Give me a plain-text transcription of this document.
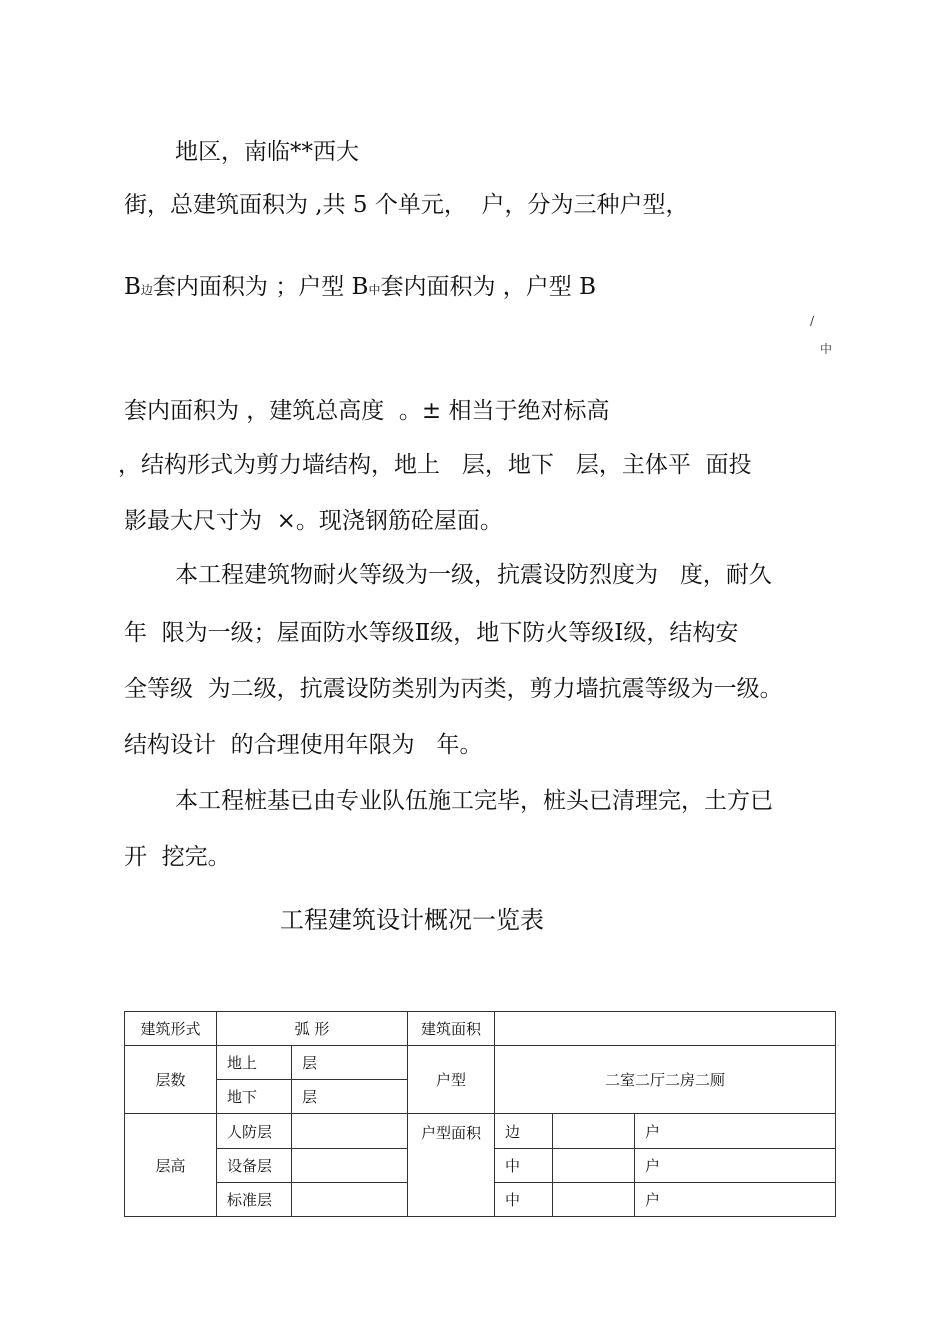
地区，南临**西大
街，总建筑面积为 ,共 5 个单元，  户，分为三种户型，
B边套内面积为 ；户型 B中套内面积为 ，户型 B
/
中
套内面积为 ，建筑总高度  。± 相当于绝对标高
，结构形式为剪力墙结构，地上   层，地下   层，主体平  面投
影最大尺寸为  ×。现浇钢筋砼屋面。
本工程建筑物耐火等级为一级，抗震设防烈度为   度，耐久
年  限为一级；屋面防水等级Ⅱ级，地下防火等级Ⅰ级，结构安
全等级  为二级，抗震设防类别为丙类，剪力墙抗震等级为一级。
结构设计  的合理使用年限为   年。
本工程桩基已由专业队伍施工完毕，桩头已清理完，土方已
开  挖完。
工程建筑设计概况一览表
建筑形式	弧 形		建筑面积			
层数	地上	层	户型	二室二厅二房二厕		
	地下	层				
层高	人防层		户型面积	边		户
	设备层			中		户
	标准层			中		户
